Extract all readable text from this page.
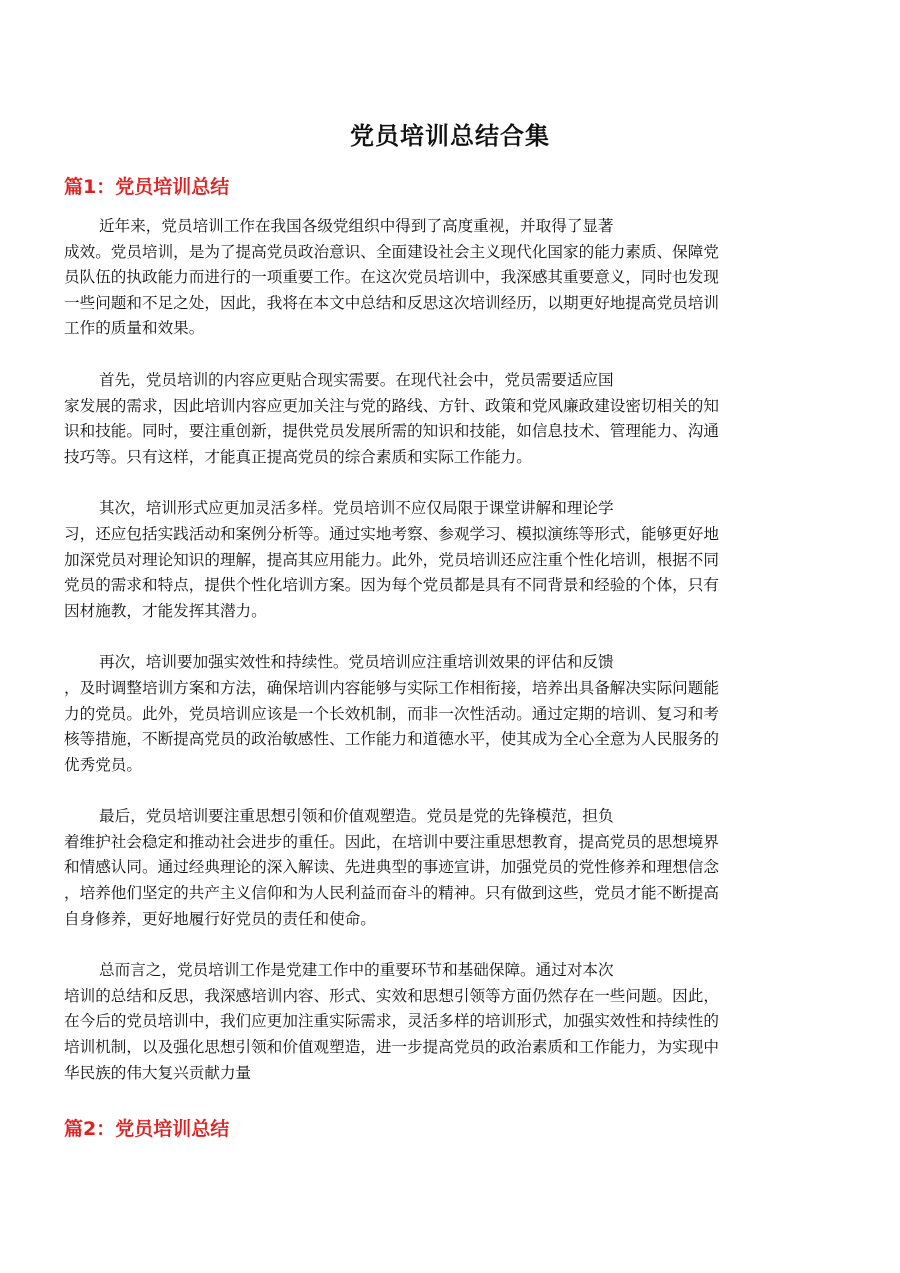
党员培训总结合集
篇1：党员培训总结

近年来，党员培训工作在我国各级党组织中得到了高度重视，并取得了显著
成效。党员培训，是为了提高党员政治意识、全面建设社会主义现代化国家的能力素质、保障党
员队伍的执政能力而进行的一项重要工作。在这次党员培训中，我深感其重要意义，同时也发现
一些问题和不足之处，因此，我将在本文中总结和反思这次培训经历，以期更好地提高党员培训
工作的质量和效果。

首先，党员培训的内容应更贴合现实需要。在现代社会中，党员需要适应国
家发展的需求，因此培训内容应更加关注与党的路线、方针、政策和党风廉政建设密切相关的知
识和技能。同时，要注重创新，提供党员发展所需的知识和技能，如信息技术、管理能力、沟通
技巧等。只有这样，才能真正提高党员的综合素质和实际工作能力。

其次，培训形式应更加灵活多样。党员培训不应仅局限于课堂讲解和理论学
习，还应包括实践活动和案例分析等。通过实地考察、参观学习、模拟演练等形式，能够更好地
加深党员对理论知识的理解，提高其应用能力。此外，党员培训还应注重个性化培训，根据不同
党员的需求和特点，提供个性化培训方案。因为每个党员都是具有不同背景和经验的个体，只有
因材施教，才能发挥其潜力。

再次，培训要加强实效性和持续性。党员培训应注重培训效果的评估和反馈
，及时调整培训方案和方法，确保培训内容能够与实际工作相衔接，培养出具备解决实际问题能
力的党员。此外，党员培训应该是一个长效机制，而非一次性活动。通过定期的培训、复习和考
核等措施，不断提高党员的政治敏感性、工作能力和道德水平，使其成为全心全意为人民服务的
优秀党员。

最后，党员培训要注重思想引领和价值观塑造。党员是党的先锋模范，担负
着维护社会稳定和推动社会进步的重任。因此，在培训中要注重思想教育，提高党员的思想境界
和情感认同。通过经典理论的深入解读、先进典型的事迹宣讲，加强党员的党性修养和理想信念
，培养他们坚定的共产主义信仰和为人民利益而奋斗的精神。只有做到这些，党员才能不断提高
自身修养，更好地履行好党员的责任和使命。

总而言之，党员培训工作是党建工作中的重要环节和基础保障。通过对本次
培训的总结和反思，我深感培训内容、形式、实效和思想引领等方面仍然存在一些问题。因此，
在今后的党员培训中，我们应更加注重实际需求，灵活多样的培训形式，加强实效性和持续性的
培训机制，以及强化思想引领和价值观塑造，进一步提高党员的政治素质和工作能力，为实现中
华民族的伟大复兴贡献力量

篇2：党员培训总结
